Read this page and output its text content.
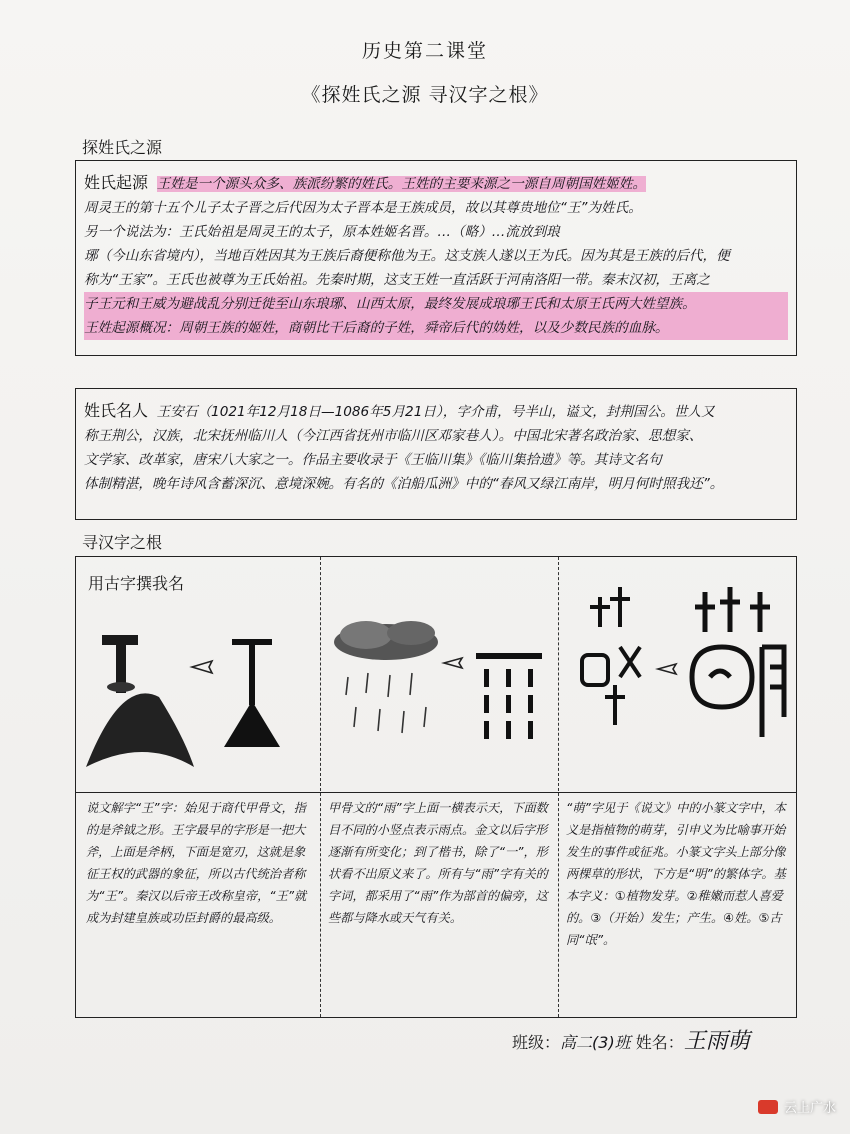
历史第二课堂
《探姓氏之源 寻汉字之根》
探姓氏之源
姓氏起源 王姓是一个源头众多、族派纷繁的姓氏。王姓的主要来源之一源自周朝国姓姬姓。
周灵王的第十五个儿子太子晋之后代因为太子晋本是王族成员，故以其尊贵地位“王”为姓氏。
另一个说法为：王氏始祖是周灵王的太子，原本姓姬名晋。…（略）…流放到琅
琊（今山东省境内），当地百姓因其为王族后裔便称他为王。这支族人遂以王为氏。因为其是王族的后代，便
称为“王家”。王氏也被尊为王氏始祖。先秦时期，这支王姓一直活跃于河南洛阳一带。秦末汉初，王离之
子王元和王威为避战乱分别迁徙至山东琅琊、山西太原，最终发展成琅琊王氏和太原王氏两大姓望族。
王姓起源概况：周朝王族的姬姓，商朝比干后裔的子姓，舜帝后代的妫姓，以及少数民族的血脉。
姓氏名人 王安石（1021年12月18日—1086年5月21日），字介甫，号半山，谥文，封荆国公。世人又
称王荆公，汉族，北宋抚州临川人（今江西省抚州市临川区邓家巷人）。中国北宋著名政治家、思想家、
文学家、改革家，唐宋八大家之一。作品主要收录于《王临川集》《临川集拾遗》等。其诗文名句
体制精湛，晚年诗风含蓄深沉、意境深婉。有名的《泊船瓜洲》中的“春风又绿江南岸，明月何时照我还”。
寻汉字之根
用古字撰我名
说文解字“王”字：始见于商代甲骨文，指的是斧钺之形。王字最早的字形是一把大斧，上面是斧柄，下面是宽刃，这就是象征王权的武器的象征，所以古代统治者称为“王”。秦汉以后帝王改称皇帝，“王”就成为封建皇族或功臣封爵的最高级。
甲骨文的“雨”字上面一横表示天，下面数目不同的小竖点表示雨点。金文以后字形逐渐有所变化；到了楷书，除了“一”，形状看不出原义来了。所有与“雨”字有关的字词，都采用了“雨”作为部首的偏旁，这些都与降水或天气有关。
“萌”字见于《说文》中的小篆文字中，本义是指植物的萌芽，引申义为比喻事开始发生的事件或征兆。小篆文字头上部分像两棵草的形状，下方是“明”的繁体字。基本字义：①植物发芽。②稚嫩而惹人喜爱的。③（开始）发生；产生。④姓。⑤古同“氓”。
班级：高二(3)班 姓名：王雨萌
云上广水
